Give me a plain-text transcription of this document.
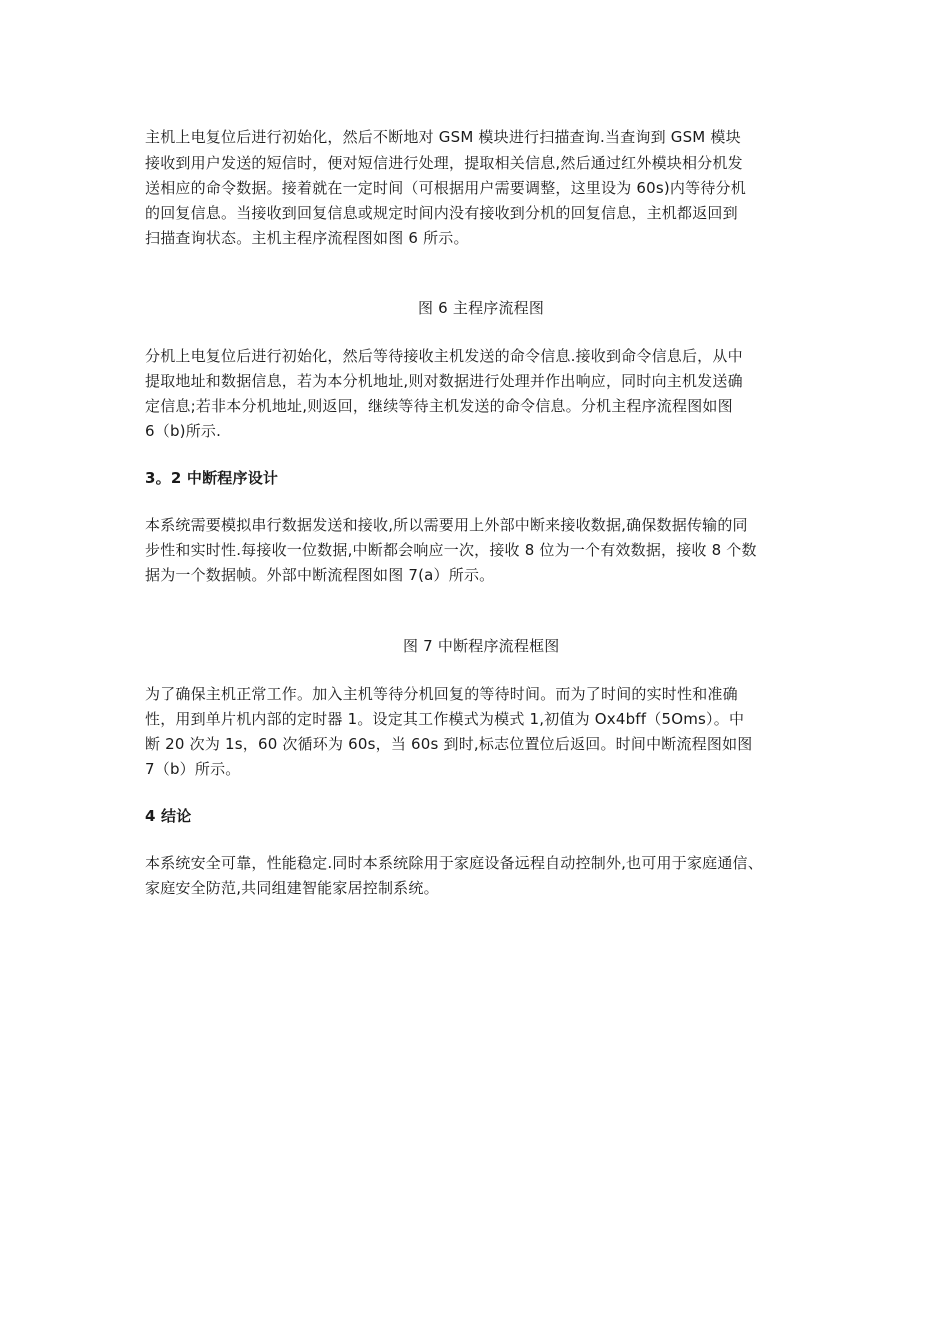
主机上电复位后进行初始化，然后不断地对 GSM 模块进行扫描查询.当查询到 GSM 模块
接收到用户发送的短信时，便对短信进行处理，提取相关信息,然后通过红外模块相分机发
送相应的命令数据。接着就在一定时间（可根据用户需要调整，这里设为 60s)内等待分机
的回复信息。当接收到回复信息或规定时间内没有接收到分机的回复信息，主机都返回到
扫描查询状态。主机主程序流程图如图 6 所示。
图 6 主程序流程图
分机上电复位后进行初始化，然后等待接收主机发送的命令信息.接收到命令信息后，从中
提取地址和数据信息，若为本分机地址,则对数据进行处理并作出响应，同时向主机发送确
定信息;若非本分机地址,则返回，继续等待主机发送的命令信息。分机主程序流程图如图
6（b)所示.
3。2 中断程序设计
本系统需要模拟串行数据发送和接收,所以需要用上外部中断来接收数据,确保数据传输的同
步性和实时性.每接收一位数据,中断都会响应一次，接收 8 位为一个有效数据，接收 8 个数
据为一个数据帧。外部中断流程图如图 7(a）所示。
图 7 中断程序流程框图
为了确保主机正常工作。加入主机等待分机回复的等待时间。而为了时间的实时性和准确
性，用到单片机内部的定时器 1。设定其工作模式为模式 1,初值为 Ox4bff（5Oms）。中
断 20 次为 1s，60 次循环为 60s，当 60s 到时,标志位置位后返回。时间中断流程图如图
7（b）所示。
4 结论
本系统安全可靠，性能稳定.同时本系统除用于家庭设备远程自动控制外,也可用于家庭通信、
家庭安全防范,共同组建智能家居控制系统。
